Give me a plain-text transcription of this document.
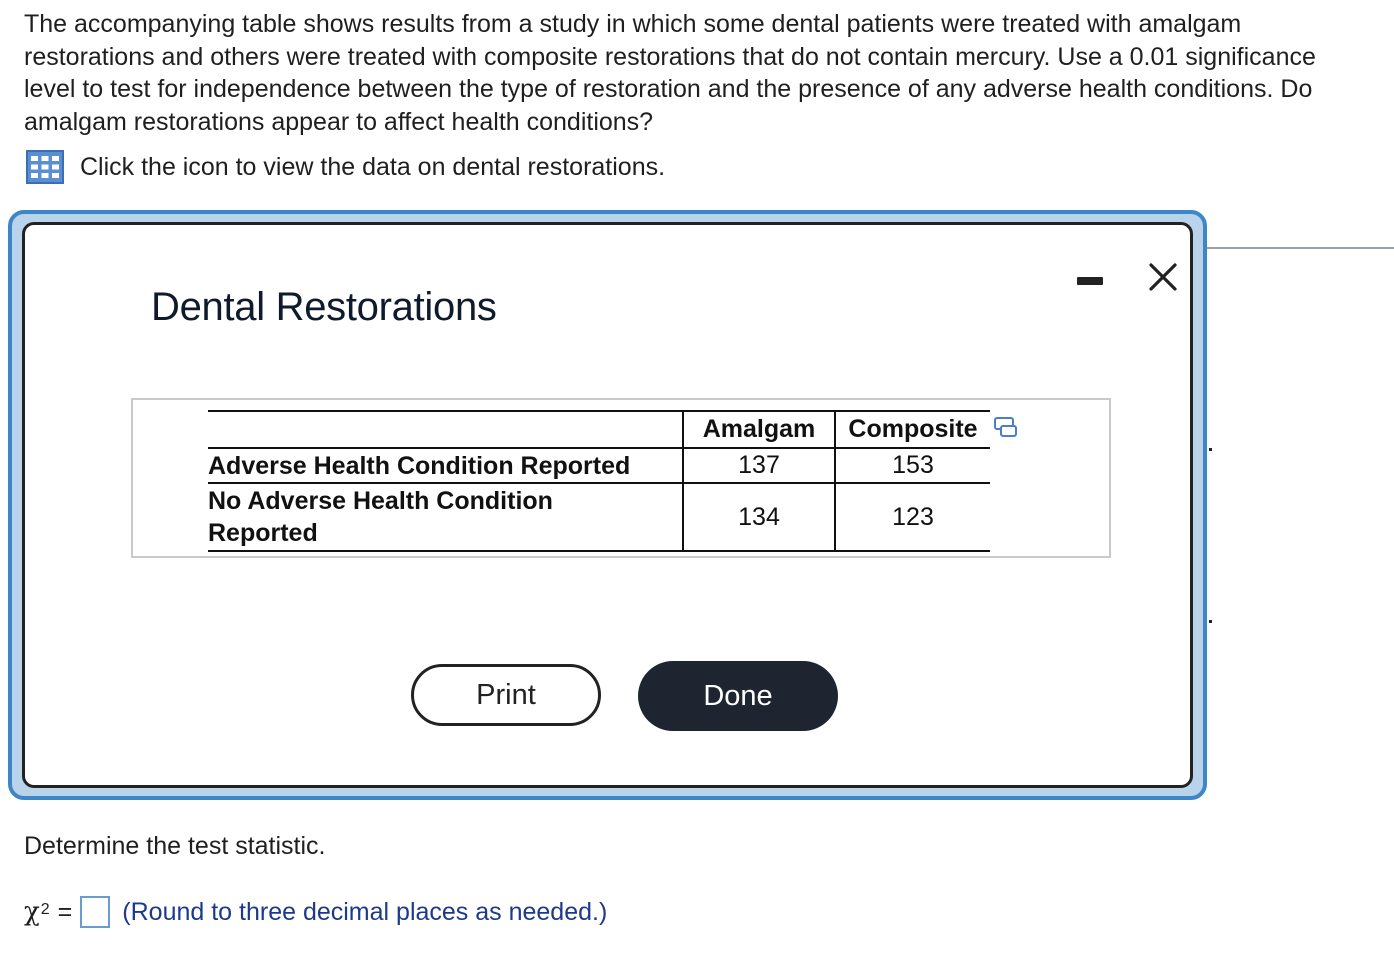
The accompanying table shows results from a study in which some dental patients were treated with amalgam restorations and others were treated with composite restorations that do not contain mercury. Use a 0.01 significance level to test for independence between the type of restoration and the presence of any adverse health conditions. Do amalgam restorations appear to affect health conditions?
Click the icon to view the data on dental restorations.
Dental Restorations
	Amalgam	Composite
Adverse Health Condition Reported	137	153

No Adverse Health Condition
Reported	134	123
Print	Done
Determine the test statistic.
$\chi^2$ = (Round to three decimal places as needed.)
